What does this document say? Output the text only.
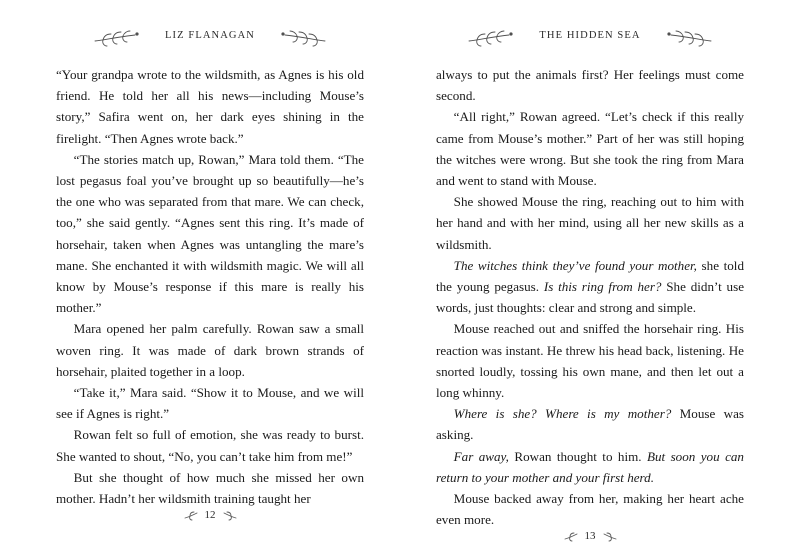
LIZ FLANAGAN

“Your grandpa wrote to the wildsmith, as Agnes is his old friend. He told her all his news—including Mouse’s story,” Safira went on, her dark eyes shining in the firelight. “Then Agnes wrote back.”

“The stories match up, Rowan,” Mara told them. “The lost pegasus foal you’ve brought up so beautifully—he’s the one who was separated from that mare. We can check, too,” she said gently. “Agnes sent this ring. It’s made of horsehair, taken when Agnes was untangling the mare’s mane. She enchanted it with wildsmith magic. We will all know by Mouse’s response if this mare is really his mother.”

Mara opened her palm carefully. Rowan saw a small woven ring. It was made of dark brown strands of horsehair, plaited together in a loop.

“Take it,” Mara said. “Show it to Mouse, and we will see if Agnes is right.”

Rowan felt so full of emotion, she was ready to burst. She wanted to shout, “No, you can’t take him from me!”

But she thought of how much she missed her own mother. Hadn’t her wildsmith training taught her

12
THE HIDDEN SEA

always to put the animals first? Her feelings must come second.

“All right,” Rowan agreed. “Let’s check if this really came from Mouse’s mother.” Part of her was still hoping the witches were wrong. But she took the ring from Mara and went to stand with Mouse.

She showed Mouse the ring, reaching out to him with her hand and with her mind, using all her new skills as a wildsmith.

The witches think they’ve found your mother, she told the young pegasus. Is this ring from her? She didn’t use words, just thoughts: clear and strong and simple.

Mouse reached out and sniffed the horsehair ring. His reaction was instant. He threw his head back, listening. He snorted loudly, tossing his own mane, and then let out a long whinny.

Where is she? Where is my mother? Mouse was asking.

Far away, Rowan thought to him. But soon you can return to your mother and your first herd.

Mouse backed away from her, making her heart ache even more.

13
